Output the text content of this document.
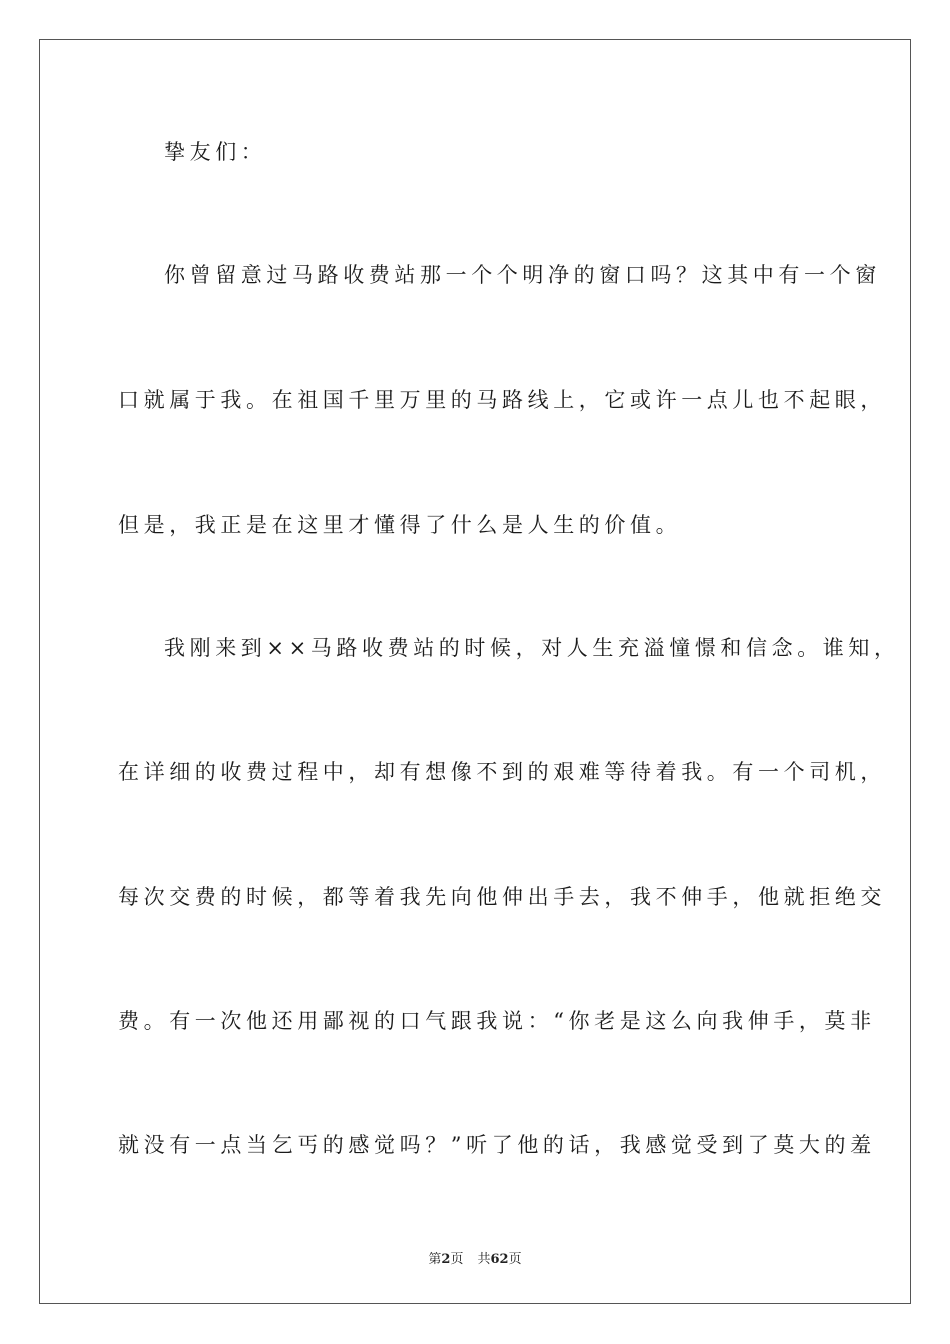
挚友们：
你曾留意过马路收费站那一个个明净的窗口吗？这其中有一个窗
口就属于我。在祖国千里万里的马路线上，它或许一点儿也不起眼，
但是，我正是在这里才懂得了什么是人生的价值。
我刚来到××马路收费站的时候，对人生充溢憧憬和信念。谁知，
在详细的收费过程中，却有想像不到的艰难等待着我。有一个司机，
每次交费的时候，都等着我先向他伸出手去，我不伸手，他就拒绝交
费。有一次他还用鄙视的口气跟我说：“你老是这么向我伸手，莫非
就没有一点当乞丐的感觉吗？”听了他的话，我感觉受到了莫大的羞
第2页 共62页
